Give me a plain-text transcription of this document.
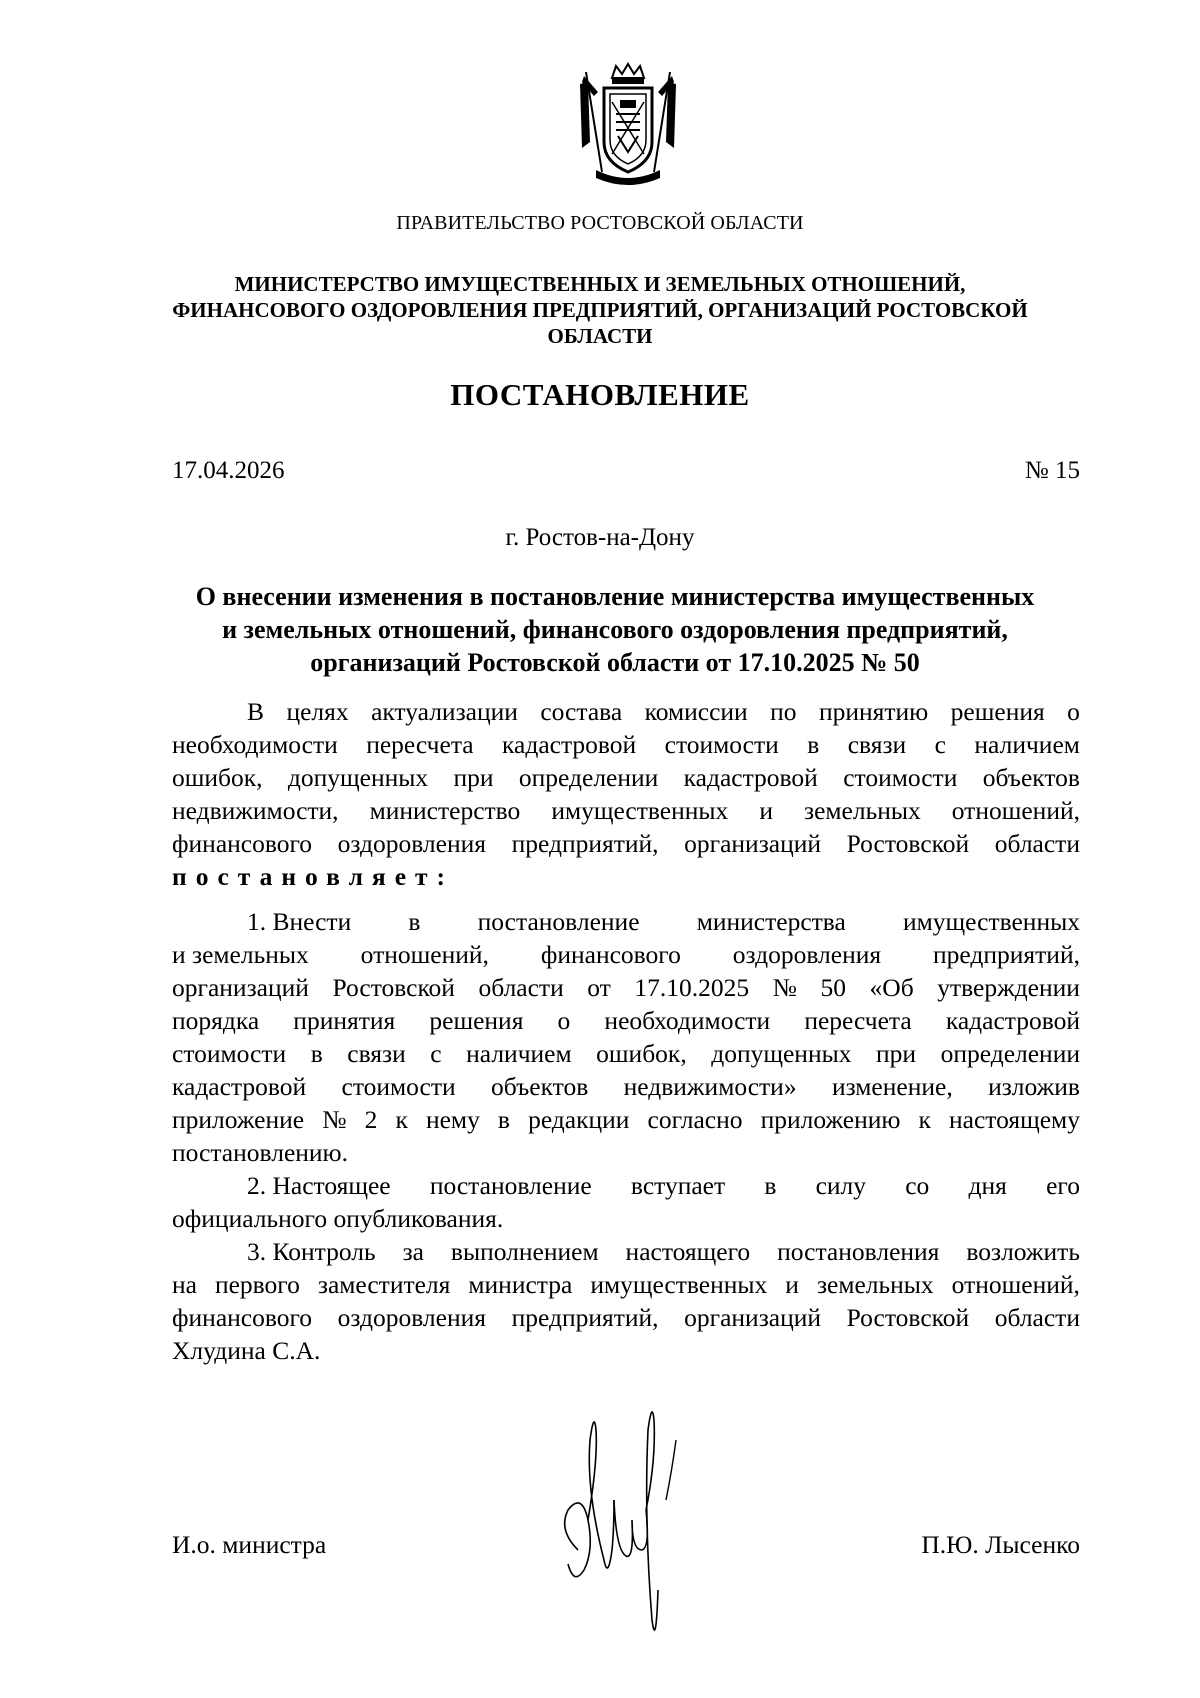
ПРАВИТЕЛЬСТВО РОСТОВСКОЙ ОБЛАСТИ
МИНИСТЕРСТВО ИМУЩЕСТВЕННЫХ И ЗЕМЕЛЬНЫХ ОТНОШЕНИЙ,
ФИНАНСОВОГО ОЗДОРОВЛЕНИЯ ПРЕДПРИЯТИЙ, ОРГАНИЗАЦИЙ РОСТОВСКОЙ
ОБЛАСТИ
ПОСТАНОВЛЕНИЕ
17.04.2026	№ 15
г. Ростов-на-Дону
О внесении изменения в постановление министерства имущественных
и земельных отношений, финансового оздоровления предприятий,
организаций Ростовской области от 17.10.2025 № 50
В целях актуализации состава комиссии по принятию решения о
необходимости пересчета кадастровой стоимости в связи с наличием
ошибок, допущенных при определении кадастровой стоимости объектов
недвижимости, министерство имущественных и земельных отношений,
финансового оздоровления предприятий, организаций Ростовской области
постановляет:
1. Внести в постановление министерства имущественных
и земельных отношений, финансового оздоровления предприятий,
организаций Ростовской области от 17.10.2025 № 50 «Об утверждении
порядка принятия решения о необходимости пересчета кадастровой
стоимости в связи с наличием ошибок, допущенных при определении
кадастровой стоимости объектов недвижимости» изменение, изложив
приложение № 2 к нему в редакции согласно приложению к настоящему
постановлению.
2. Настоящее постановление вступает в силу со дня его
официального опубликования.
3. Контроль за выполнением настоящего постановления возложить
на первого заместителя министра имущественных и земельных отношений,
финансового оздоровления предприятий, организаций Ростовской области
Хлудина С.А.
И.о. министра	П.Ю. Лысенко
